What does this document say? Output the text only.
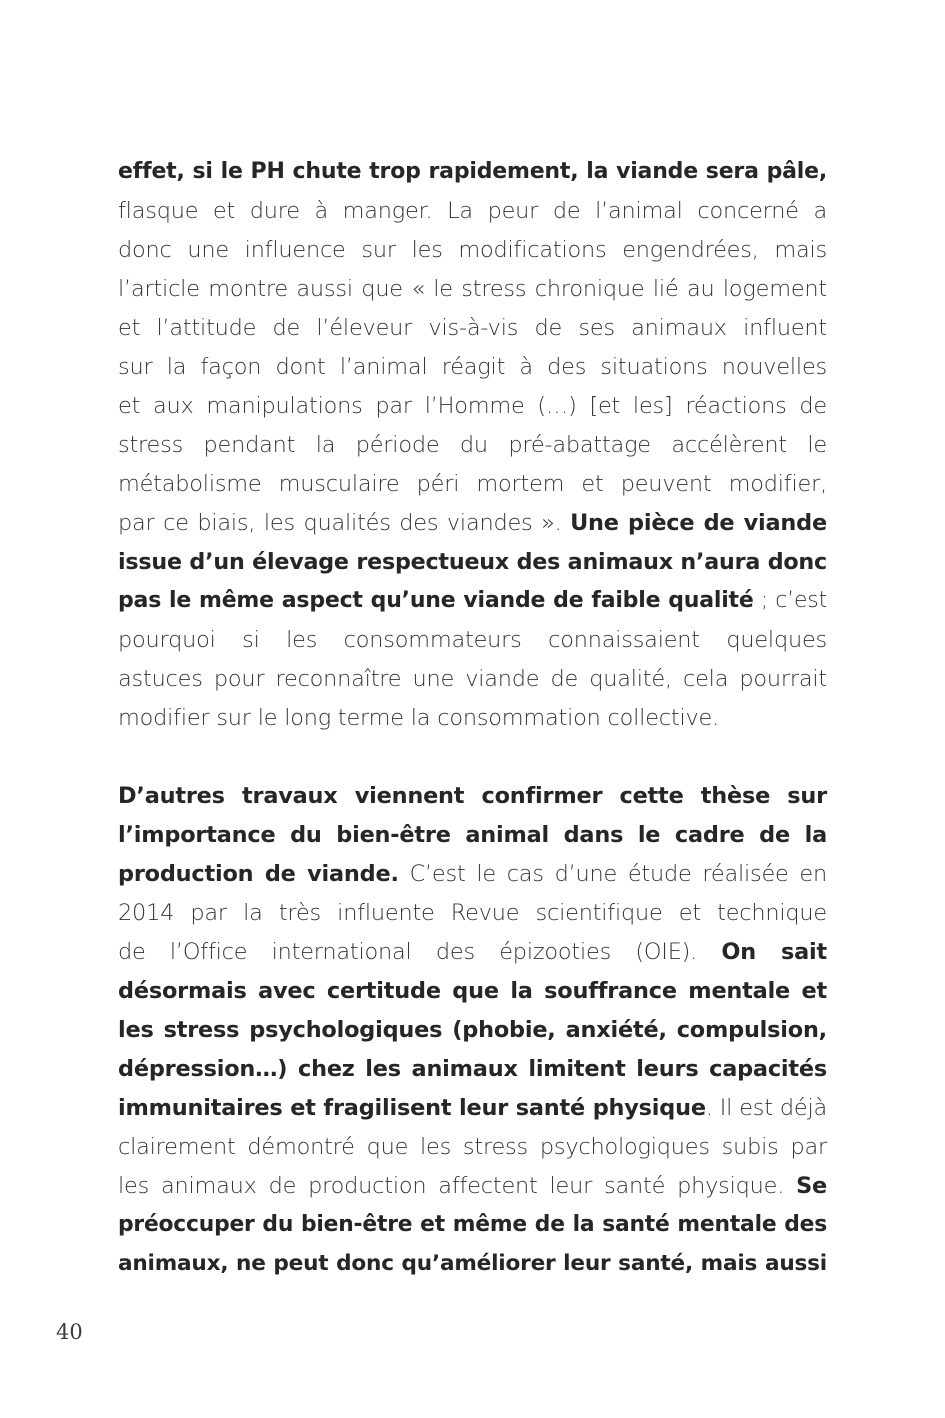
effet, si le PH chute trop rapidement, la viande sera pâle,
flasque et dure à manger. La peur de l’animal concerné a
donc une influence sur les modifications engendrées, mais
l’article montre aussi que « le stress chronique lié au logement
et l’attitude de l’éleveur vis-à-vis de ses animaux influent
sur la façon dont l’animal réagit à des situations nouvelles
et aux manipulations par l’Homme (…) [et les] réactions de
stress pendant la période du pré-abattage accélèrent le
métabolisme musculaire péri mortem et peuvent modifier,
par ce biais, les qualités des viandes ». Une pièce de viande
issue d’un élevage respectueux des animaux n’aura donc
pas le même aspect qu’une viande de faible qualité ; c’est
pourquoi si les consommateurs connaissaient quelques
astuces pour reconnaître une viande de qualité, cela pourrait
modifier sur le long terme la consommation collective.
D’autres travaux viennent confirmer cette thèse sur
l’importance du bien-être animal dans le cadre de la
production de viande. C’est le cas d’une étude réalisée en
2014 par la très influente Revue scientifique et technique
de l’Office international des épizooties (OIE). On sait
désormais avec certitude que la souffrance mentale et
les stress psychologiques (phobie, anxiété, compulsion,
dépression…) chez les animaux limitent leurs capacités
immunitaires et fragilisent leur santé physique. Il est déjà
clairement démontré que les stress psychologiques subis par
les animaux de production affectent leur santé physique. Se
préoccuper du bien-être et même de la santé mentale des
animaux, ne peut donc qu’améliorer leur santé, mais aussi
40
